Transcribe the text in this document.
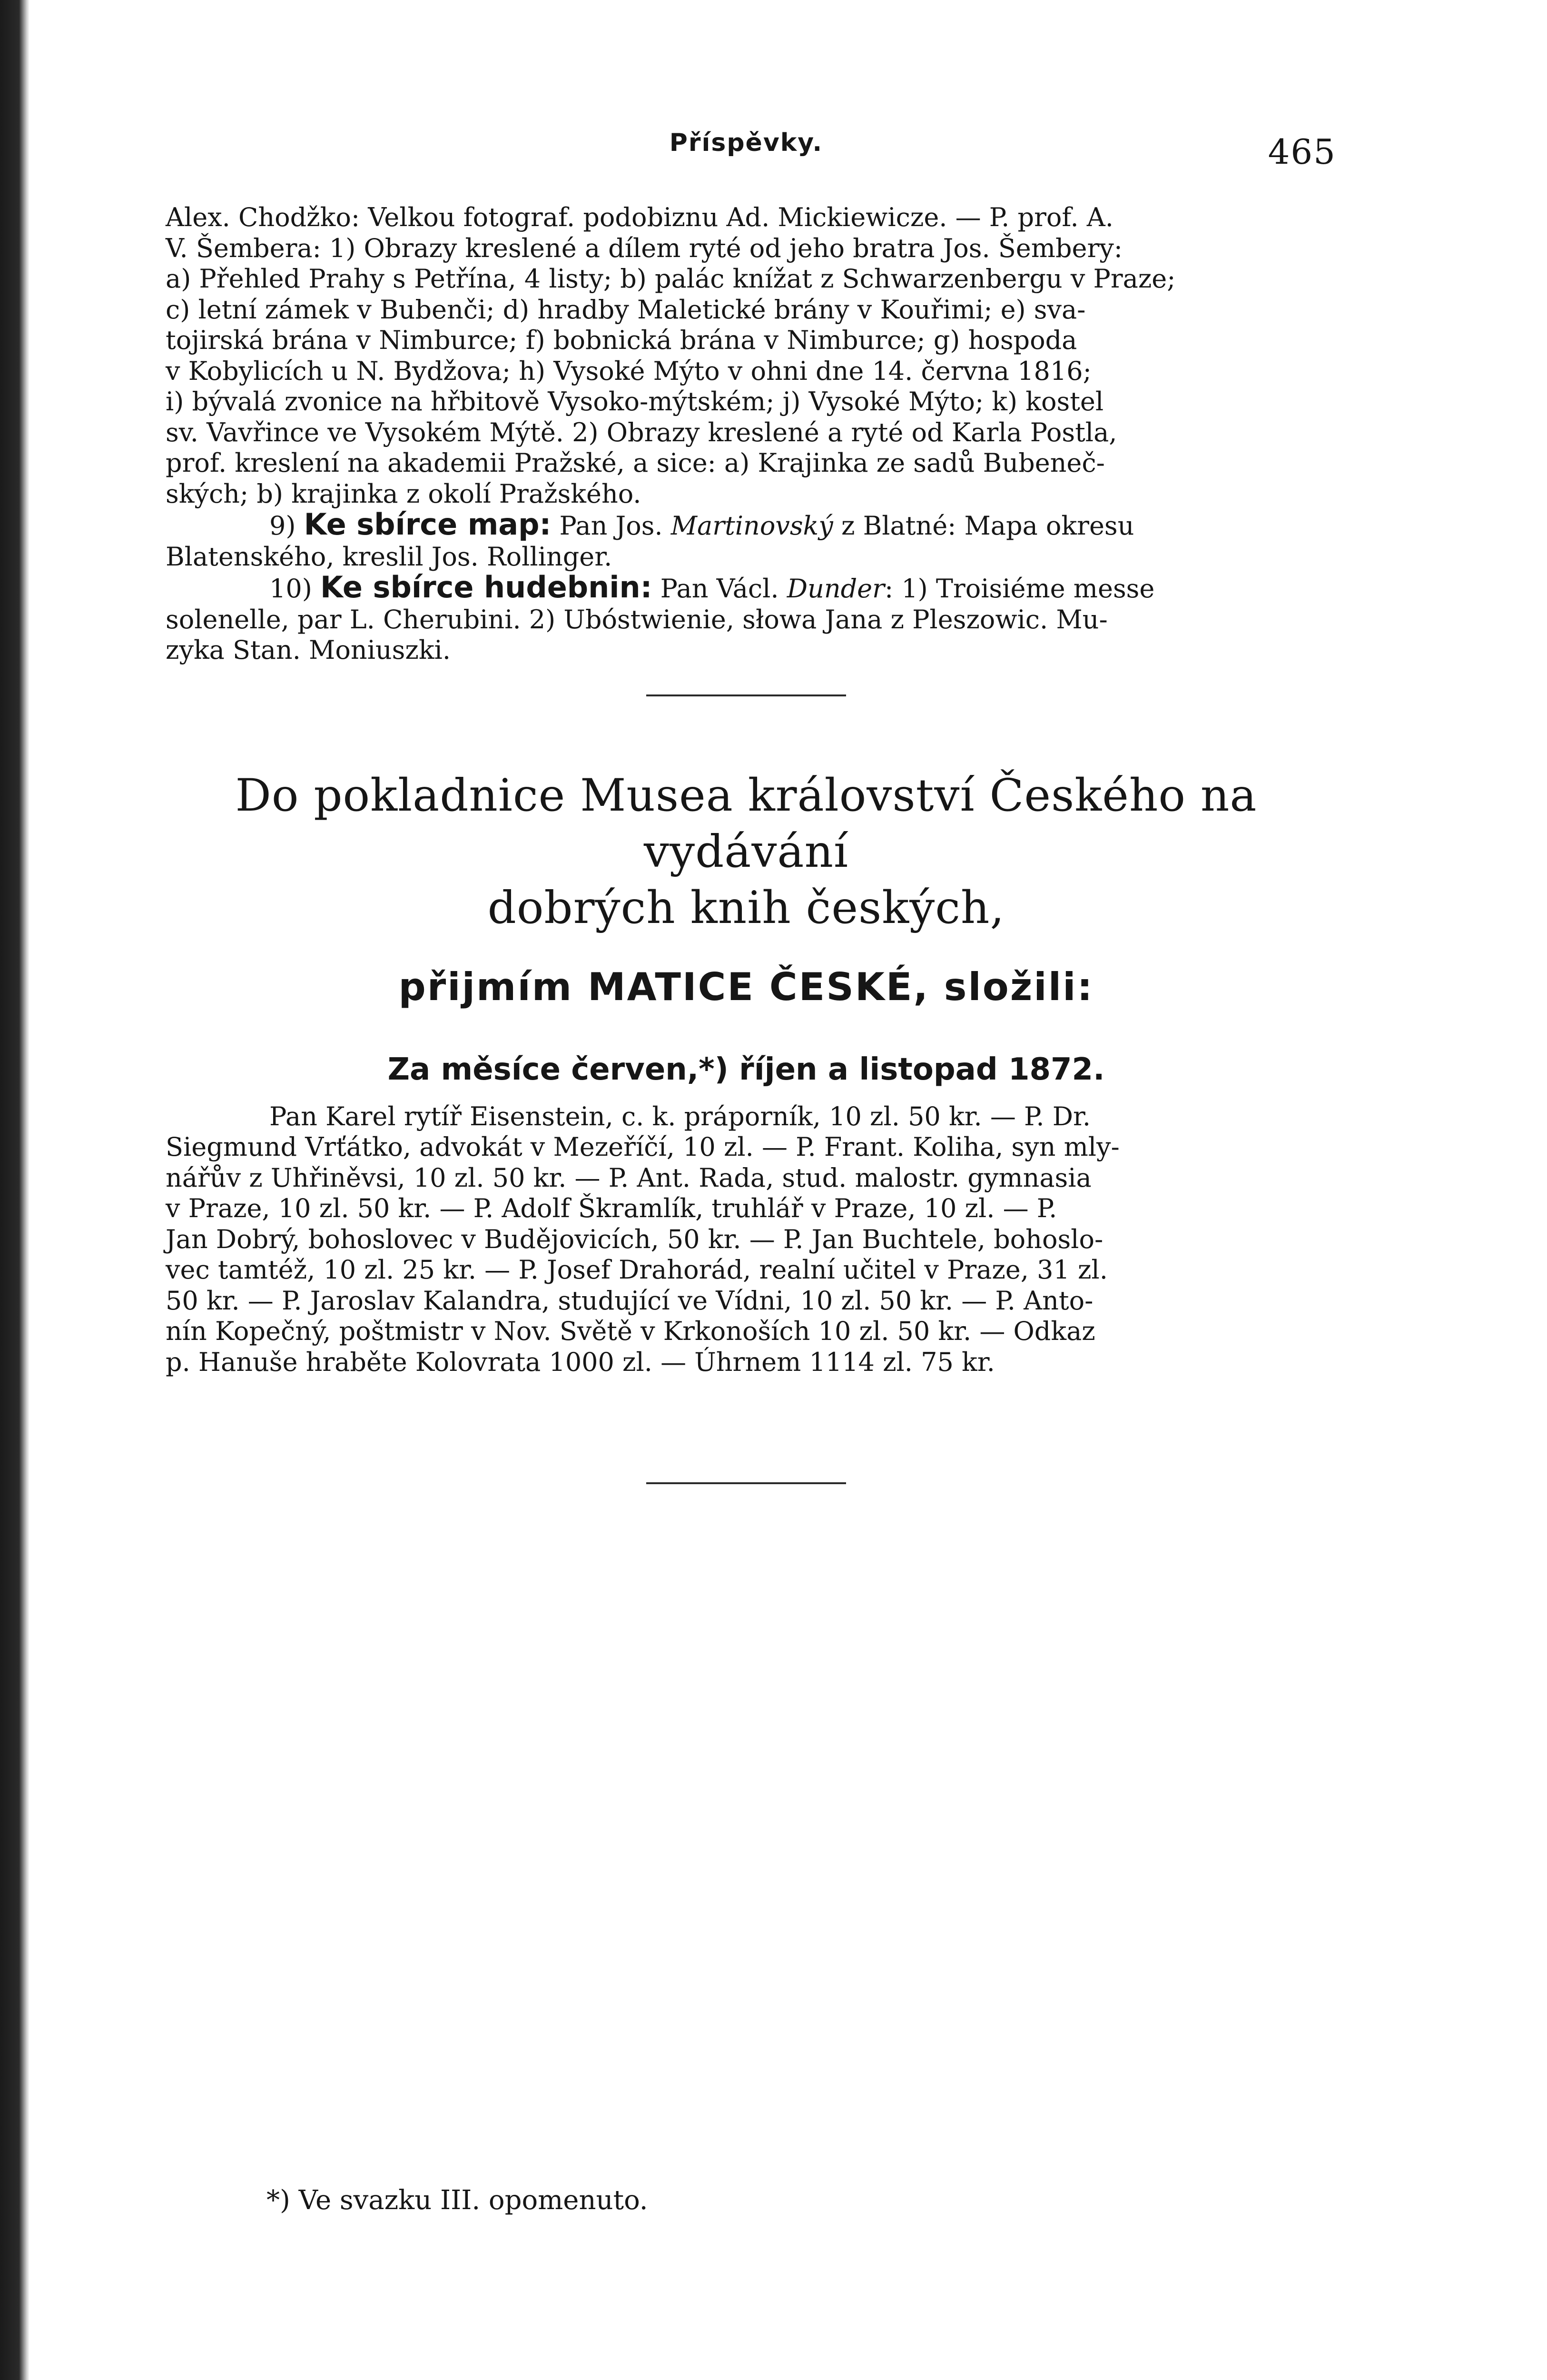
Příspěvky.	465

Alex. Chodžko: Velkou fotograf. podobiznu Ad. Mickiewicze. — P. prof. A.

V. Šembera: 1) Obrazy kreslené a dílem ryté od jeho bratra Jos. Šembery:

a) Přehled Prahy s Petřína, 4 listy; b) palác knížat z Schwarzenbergu v Praze;

c) letní zámek v Bubenči; d) hradby Maletické brány v Kouřimi; e) sva-

tojirská brána v Nimburce; f) bobnická brána v Nimburce; g) hospoda

v Kobylicích u N. Bydžova; h) Vysoké Mýto v ohni dne 14. června 1816;

i) bývalá zvonice na hřbitově Vysoko-mýtském; j) Vysoké Mýto; k) kostel

sv. Vavřince ve Vysokém Mýtě. 2) Obrazy kreslené a ryté od Karla Postla,

prof. kreslení na akademii Pražské, a sice: a) Krajinka ze sadů Bubeneč-

ských; b) krajinka z okolí Pražského.

9) Ke sbírce map: Pan Jos. Martinovský z Blatné: Mapa okresu

Blatenského, kreslil Jos. Rollinger.

10) Ke sbírce hudebnin: Pan Václ. Dunder: 1) Troisiéme messe

solenelle, par L. Cherubini. 2) Ubóstwienie, słowa Jana z Pleszowic. Mu-

zyka Stan. Moniuszki.

Do pokladnice Musea království Českého na vydávání
dobrých knih českých,
přijmím MATICE ČESKÉ, složili:
Za měsíce červen,*) říjen a listopad 1872.

Pan Karel rytíř Eisenstein, c. k. práporník, 10 zl. 50 kr. — P. Dr.

Siegmund Vrťátko, advokát v Mezeříčí, 10 zl. — P. Frant. Koliha, syn mly-

nářův z Uhřiněvsi, 10 zl. 50 kr. — P. Ant. Rada, stud. malostr. gymnasia

v Praze, 10 zl. 50 kr. — P. Adolf Škramlík, truhlář v Praze, 10 zl. — P.

Jan Dobrý, bohoslovec v Budějovicích, 50 kr. — P. Jan Buchtele, bohoslo-

vec tamtéž, 10 zl. 25 kr. — P. Josef Drahorád, realní učitel v Praze, 31 zl.

50 kr. — P. Jaroslav Kalandra, studující ve Vídni, 10 zl. 50 kr. — P. Anto-

nín Kopečný, poštmistr v Nov. Světě v Krkonoších 10 zl. 50 kr. — Odkaz

p. Hanuše hraběte Kolovrata 1000 zl. — Úhrnem 1114 zl. 75 kr.

*) Ve svazku III. opomenuto.
